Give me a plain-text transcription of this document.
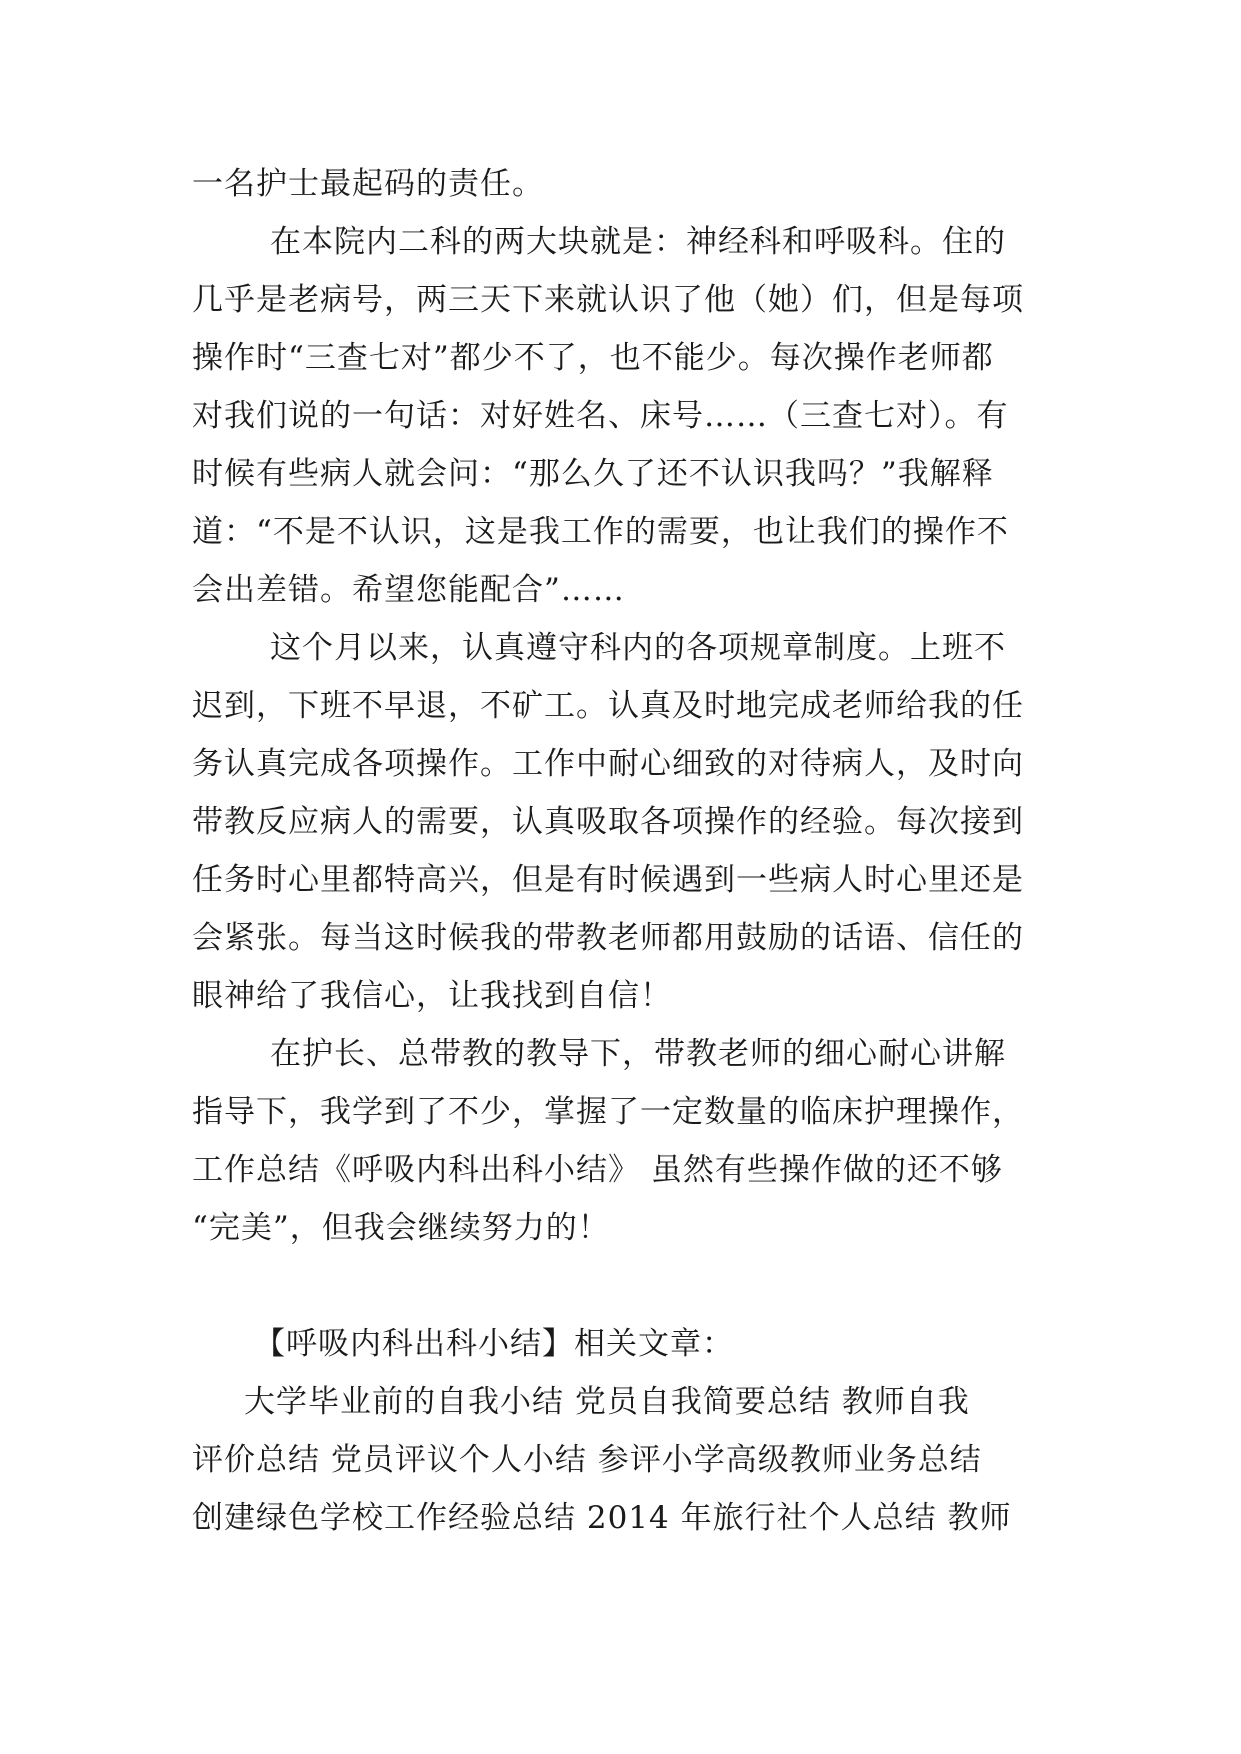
一名护士最起码的责任。
在本院内二科的两大块就是：神经科和呼吸科。住的
几乎是老病号，两三天下来就认识了他（她）们，但是每项
操作时“三查七对”都少不了，也不能少。每次操作老师都
对我们说的一句话：对好姓名、床号……（三查七对）。有
时候有些病人就会问：“那么久了还不认识我吗？”我解释
道：“不是不认识，这是我工作的需要，也让我们的操作不
会出差错。希望您能配合”……
这个月以来，认真遵守科内的各项规章制度。上班不
迟到，下班不早退，不矿工。认真及时地完成老师给我的任
务认真完成各项操作。工作中耐心细致的对待病人，及时向
带教反应病人的需要，认真吸取各项操作的经验。每次接到
任务时心里都特高兴，但是有时候遇到一些病人时心里还是
会紧张。每当这时候我的带教老师都用鼓励的话语、信任的
眼神给了我信心，让我找到自信！
在护长、总带教的教导下，带教老师的细心耐心讲解
指导下，我学到了不少，掌握了一定数量的临床护理操作，
工作总结《呼吸内科出科小结》 虽然有些操作做的还不够
“完美”，但我会继续努力的！
【呼吸内科出科小结】相关文章：
大学毕业前的自我小结 党员自我简要总结 教师自我
评价总结 党员评议个人小结 参评小学高级教师业务总结
创建绿色学校工作经验总结 2014 年旅行社个人总结 教师
